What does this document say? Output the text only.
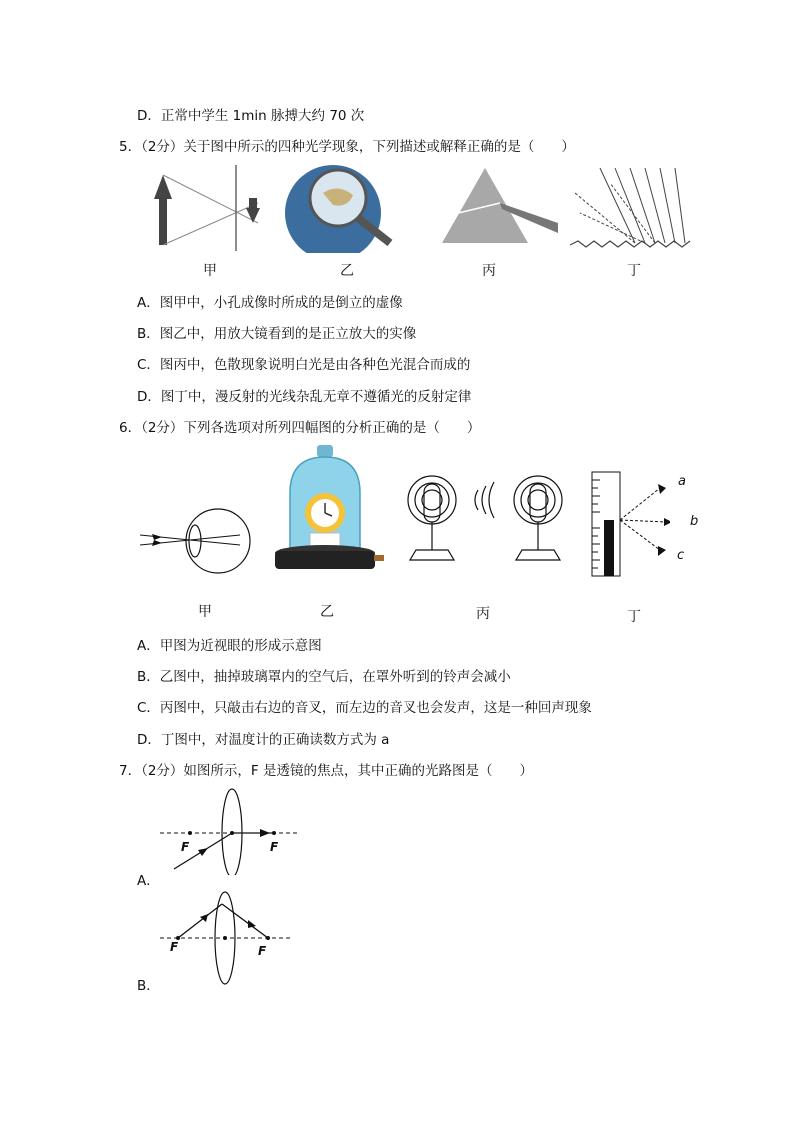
D．正常中学生 1min 脉搏大约 70 次
5．（2分）关于图中所示的四种光学现象，下列描述或解释正确的是（　　）
甲	乙	丙	丁
A．图甲中，小孔成像时所成的是倒立的虚像
B．图乙中，用放大镜看到的是正立放大的实像
C．图丙中，色散现象说明白光是由各种色光混合而成的
D．图丁中，漫反射的光线杂乱无章不遵循光的反射定律
6．（2分）下列各选项对所列四幅图的分析正确的是（　　）
甲	乙	丙
a
b
c
丁
A．甲图为近视眼的形成示意图
B．乙图中，抽掉玻璃罩内的空气后，在罩外听到的铃声会减小
C．丙图中，只敲击右边的音叉，而左边的音叉也会发声，这是一种回声现象
D．丁图中，对温度计的正确读数方式为 a
7．（2分）如图所示，F 是透镜的焦点，其中正确的光路图是（　　）
F	F
A．
F	F
B．
